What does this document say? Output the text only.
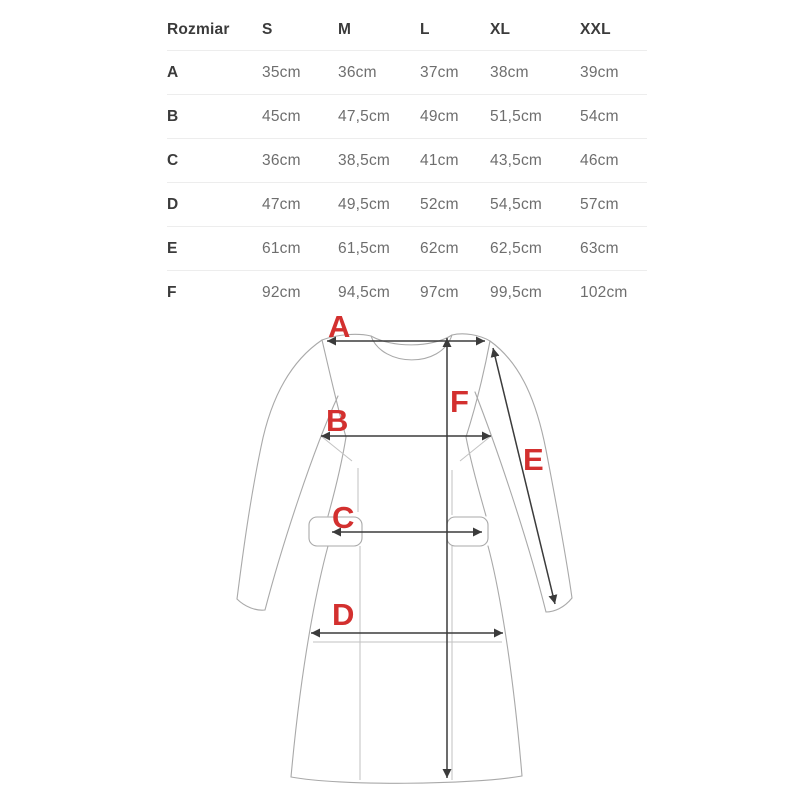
Rozmiar	S	M	L	XL	XXL
A	35cm	36cm	37cm	38cm	39cm
B	45cm	47,5cm	49cm	51,5cm	54cm
C	36cm	38,5cm	41cm	43,5cm	46cm
D	47cm	49,5cm	52cm	54,5cm	57cm
E	61cm	61,5cm	62cm	62,5cm	63cm
F	92cm	94,5cm	97cm	99,5cm	102cm
A
B
C
D
E
F
